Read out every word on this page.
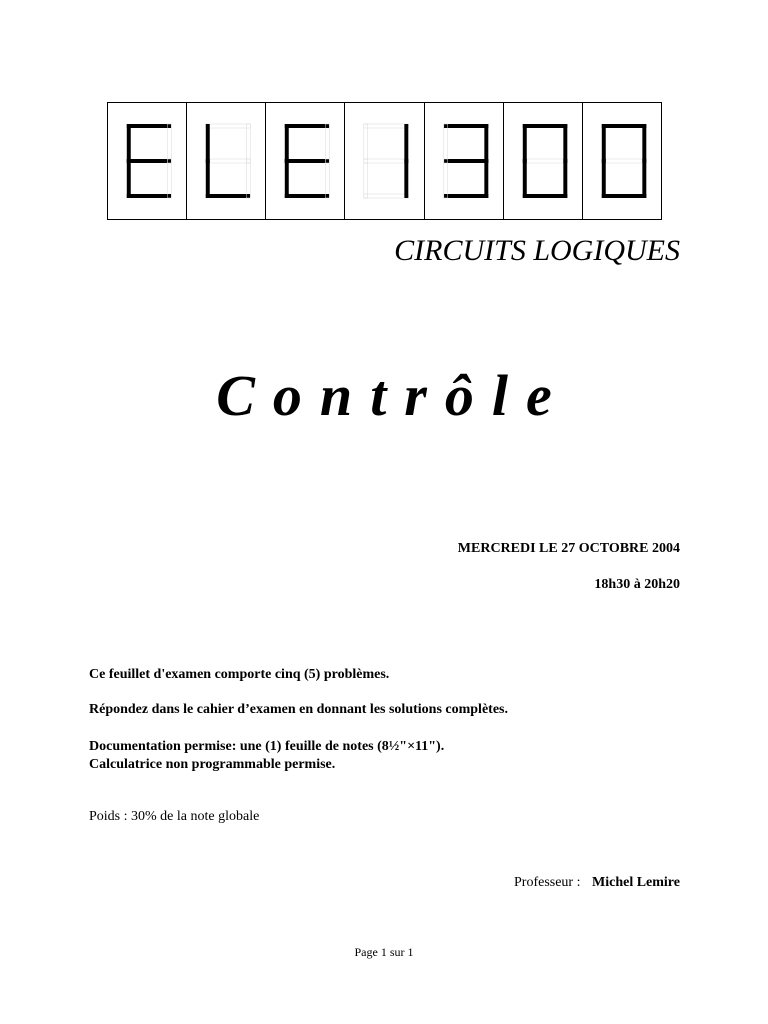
CIRCUITS LOGIQUES
Contrôle
MERCREDI LE 27 OCTOBRE 2004
18h30 à 20h20
Ce feuillet d'examen comporte cinq (5) problèmes.
Répondez dans le cahier d’examen en donnant les solutions complètes.
Documentation permise: une (1) feuille de notes (8½"×11").
Calculatrice non programmable permise.
Poids : 30% de la note globale
Professeur : Michel Lemire
Page 1 sur 1
